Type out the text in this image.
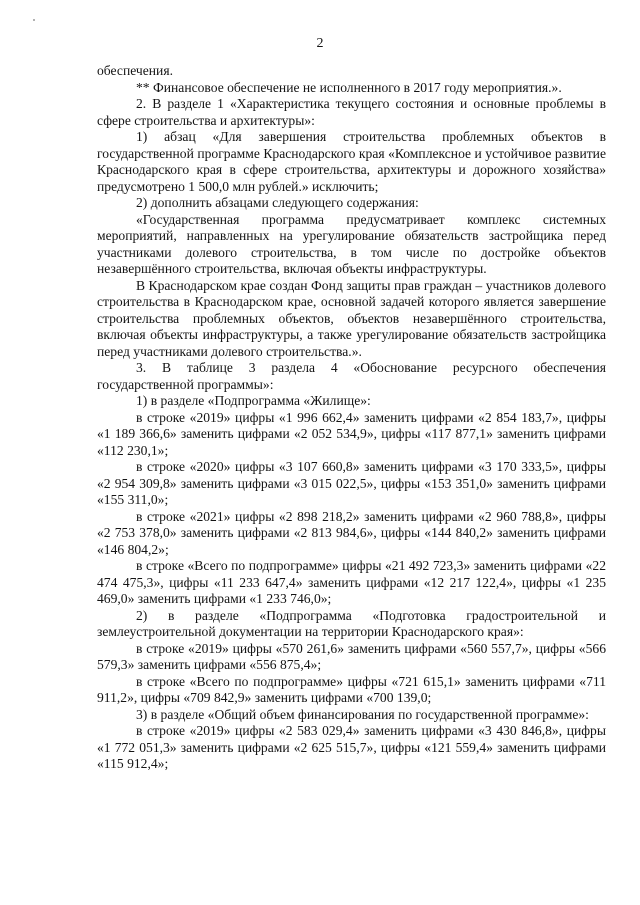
2

обеспечения.

** Финансовое обеспечение не исполненного в 2017 году мероприятия.».

2. В разделе 1 «Характеристика текущего состояния и основные проблемы в сфере строительства и архитектуры»:

1) абзац «Для завершения строительства проблемных объектов в государственной программе Краснодарского края «Комплексное и устойчивое развитие Краснодарского края в сфере строительства, архитектуры и дорожного хозяйства» предусмотрено 1 500,0 млн рублей.» исключить;

2) дополнить абзацами следующего содержания:

«Государственная программа предусматривает комплекс системных мероприятий, направленных на урегулирование обязательств застройщика перед участниками долевого строительства, в том числе по достройке объектов незавершённого строительства, включая объекты инфраструктуры.

В Краснодарском крае создан Фонд защиты прав граждан – участников долевого строительства в Краснодарском крае, основной задачей которого является завершение строительства проблемных объектов, объектов незавершённого строительства, включая объекты инфраструктуры, а также урегулирование обязательств застройщика перед участниками долевого строительства.».

3. В таблице 3 раздела 4 «Обоснование ресурсного обеспечения государственной программы»:

1) в разделе «Подпрограмма «Жилище»:

в строке «2019» цифры «1 996 662,4» заменить цифрами «2 854 183,7», цифры «1 189 366,6» заменить цифрами «2 052 534,9», цифры «117 877,1» заменить цифрами «112 230,1»;

в строке «2020» цифры «3 107 660,8» заменить цифрами «3 170 333,5», цифры «2 954 309,8» заменить цифрами «3 015 022,5», цифры «153 351,0» заменить цифрами «155 311,0»;

в строке «2021» цифры «2 898 218,2» заменить цифрами «2 960 788,8», цифры «2 753 378,0» заменить цифрами «2 813 984,6», цифры «144 840,2» заменить цифрами «146 804,2»;

в строке «Всего по подпрограмме» цифры «21 492 723,3» заменить цифрами «22 474 475,3», цифры «11 233 647,4» заменить цифрами «12 217 122,4», цифры «1 235 469,0» заменить цифрами «1 233 746,0»;

2) в разделе «Подпрограмма «Подготовка градостроительной и землеустроительной документации на территории Краснодарского края»:

в строке «2019» цифры «570 261,6» заменить цифрами «560 557,7», цифры «566 579,3» заменить цифрами «556 875,4»;

в строке «Всего по подпрограмме» цифры «721 615,1» заменить цифрами «711 911,2», цифры «709 842,9» заменить цифрами «700 139,0;

3) в разделе «Общий объем финансирования по государственной программе»:

в строке «2019» цифры «2 583 029,4» заменить цифрами «3 430 846,8», цифры «1 772 051,3» заменить цифрами «2 625 515,7», цифры «121 559,4» заменить цифрами «115 912,4»;
